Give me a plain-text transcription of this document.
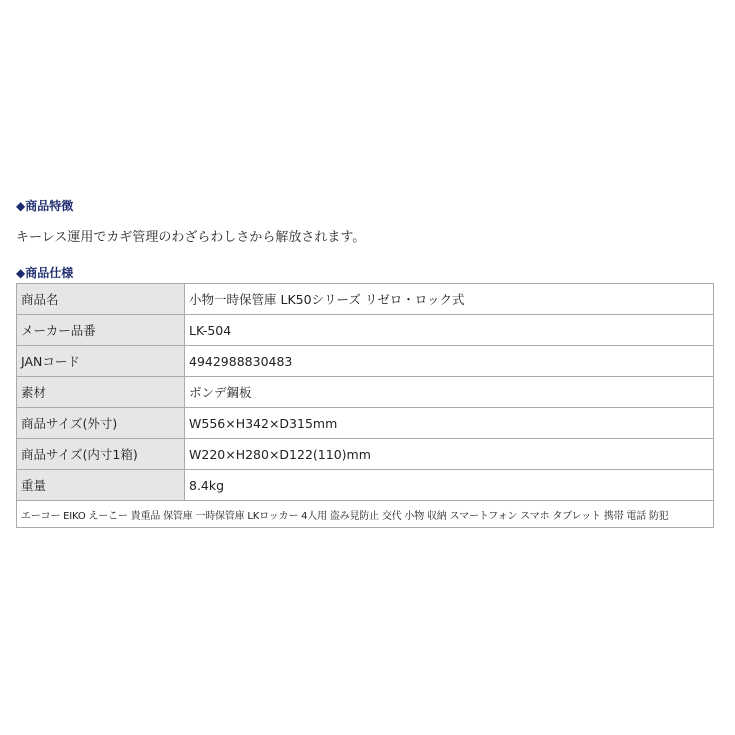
◆商品特徴
キーレス運用でカギ管理のわざらわしさから解放されます。
◆商品仕様
商品名	小物一時保管庫 LK50シリーズ リゼロ・ロック式
メーカー品番	LK-504
JANコード	4942988830483
素材	ボンデ鋼板
商品サイズ(外寸)	W556×H342×D315mm
商品サイズ(内寸1箱)	W220×H280×D122(110)mm
重量	8.4kg
エーコー EIKO えーこー 貴重品 保管庫 一時保管庫 LKロッカー 4人用 盗み見防止 交代 小物 収納 スマートフォン スマホ タブレット 携帯 電話 防犯	
